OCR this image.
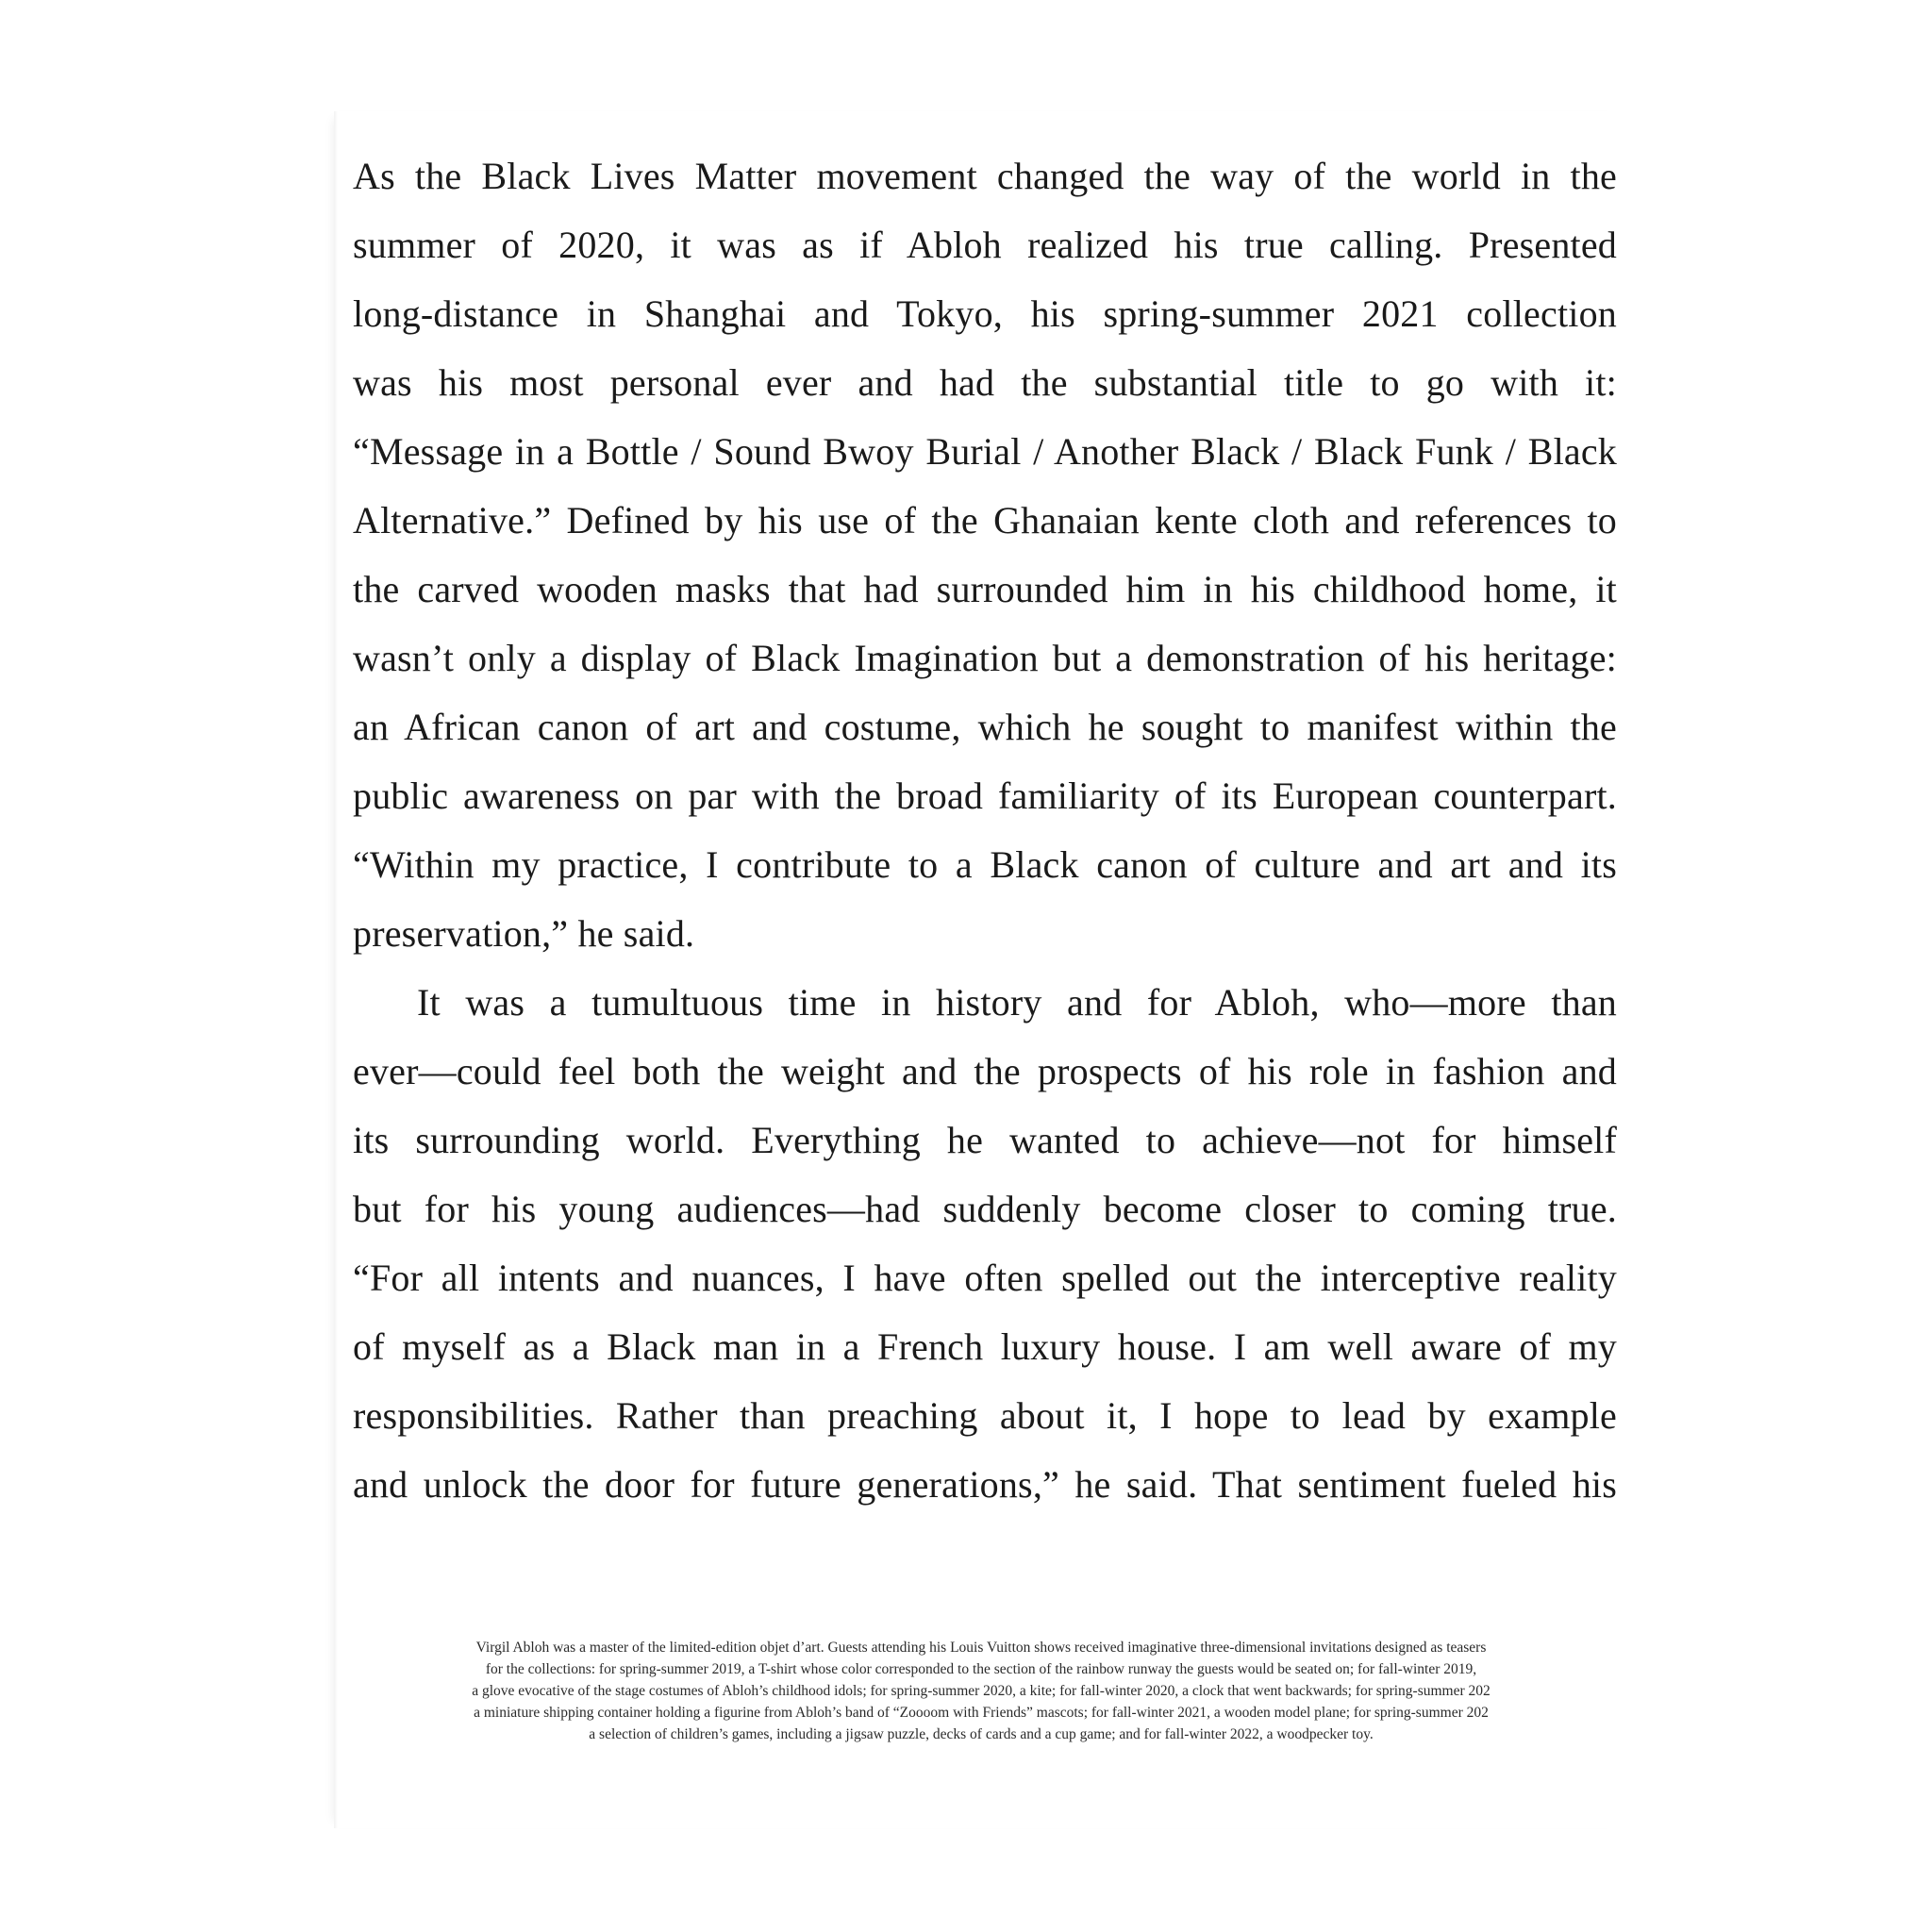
As the Black Lives Matter movement changed the way of the world in the
summer of 2020, it was as if Abloh realized his true calling. Presented
long-distance in Shanghai and Tokyo, his spring-summer 2021 collection
was his most personal ever and had the substantial title to go with it:
“Message in a Bottle / Sound Bwoy Burial / Another Black / Black Funk / Black
Alternative.” Defined by his use of the Ghanaian kente cloth and references to
the carved wooden masks that had surrounded him in his childhood home, it
wasn’t only a display of Black Imagination but a demonstration of his heritage:
an African canon of art and costume, which he sought to manifest within the
public awareness on par with the broad familiarity of its European counterpart.
“Within my practice, I contribute to a Black canon of culture and art and its
preservation,” he said.
It was a tumultuous time in history and for Abloh, who—more than
ever—could feel both the weight and the prospects of his role in fashion and
its surrounding world. Everything he wanted to achieve—not for himself
but for his young audiences—had suddenly become closer to coming true.
“For all intents and nuances, I have often spelled out the interceptive reality
of myself as a Black man in a French luxury house. I am well aware of my
responsibilities. Rather than preaching about it, I hope to lead by example
and unlock the door for future generations,” he said. That sentiment fueled his
Virgil Abloh was a master of the limited-edition objet d’art. Guests attending his Louis Vuitton shows received imaginative three-dimensional invitations designed as teasers
for the collections: for spring-summer 2019, a T-shirt whose color corresponded to the section of the rainbow runway the guests would be seated on; for fall-winter 2019,
a glove evocative of the stage costumes of Abloh’s childhood idols; for spring-summer 2020, a kite; for fall-winter 2020, a clock that went backwards; for spring-summer 202
a miniature shipping container holding a figurine from Abloh’s band of “Zoooom with Friends” mascots; for fall-winter 2021, a wooden model plane; for spring-summer 202
a selection of children’s games, including a jigsaw puzzle, decks of cards and a cup game; and for fall-winter 2022, a woodpecker toy.
